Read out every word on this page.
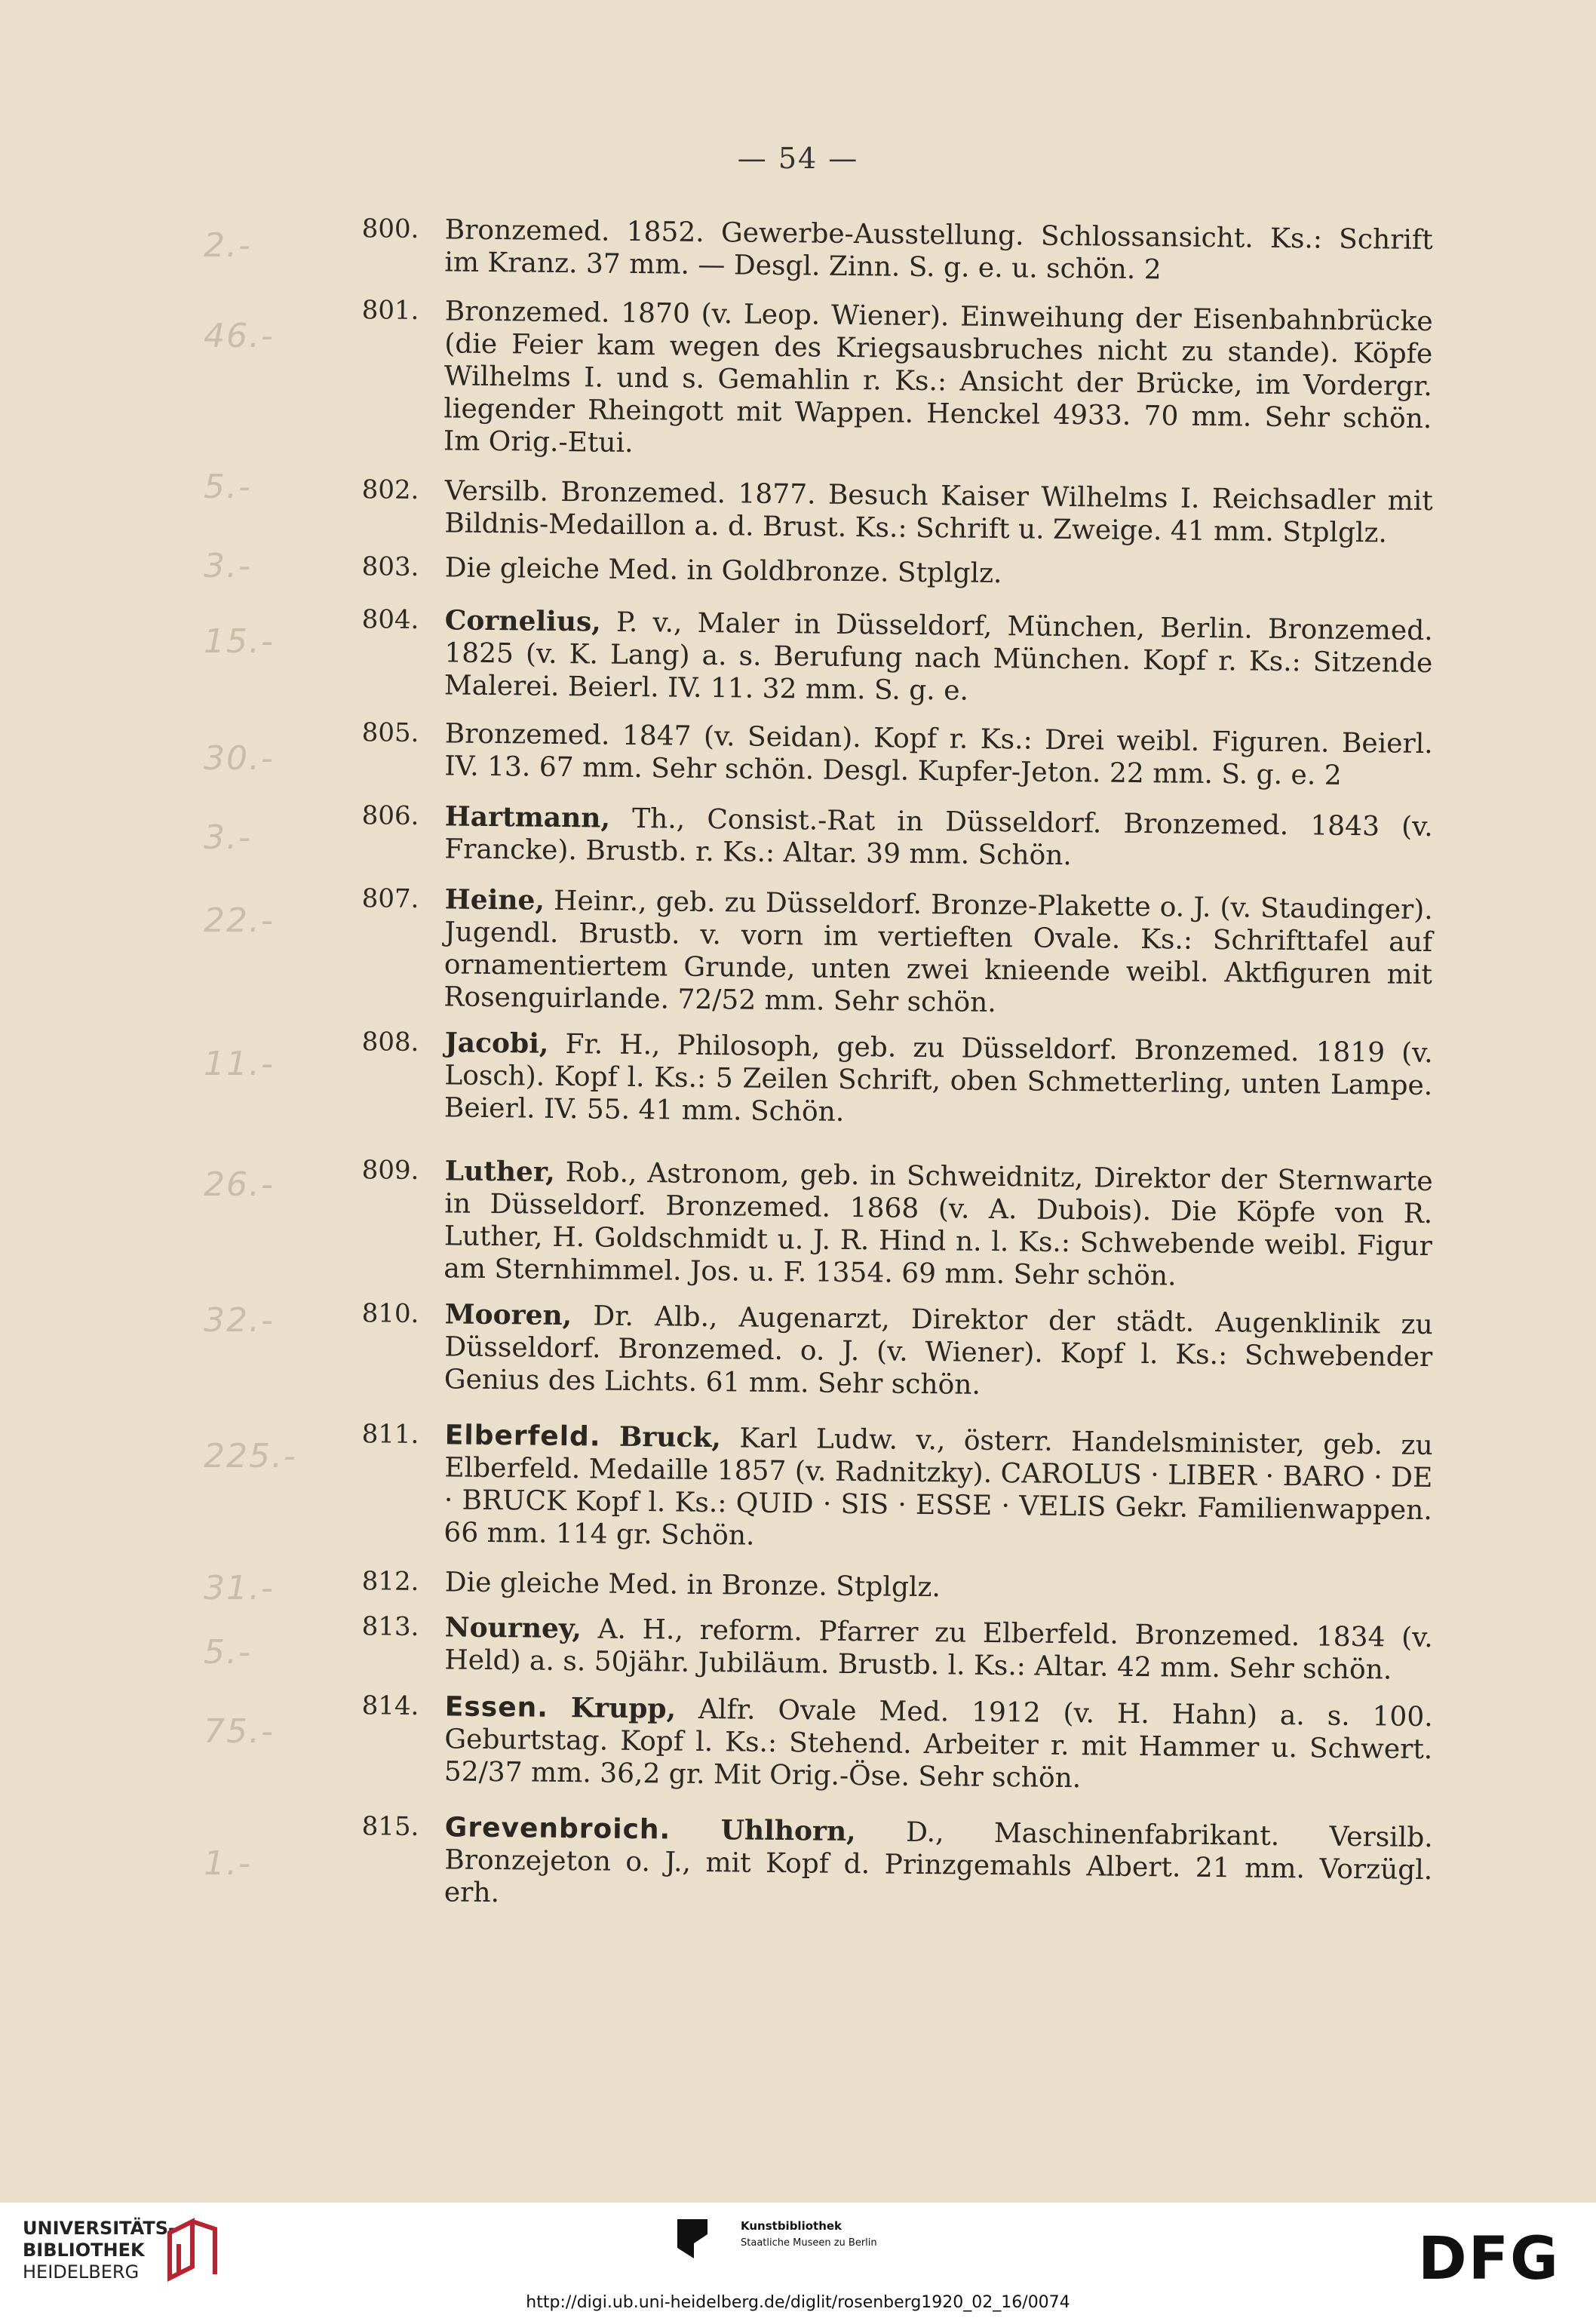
— 54 —
800. Bronzemed. 1852. Gewerbe-Ausstellung. Schlossansicht. Ks.: Schrift im Kranz. 37 mm. — Desgl. Zinn. S. g. e. u. schön. 2
801. Bronzemed. 1870 (v. Leop. Wiener). Einweihung der Eisenbahnbrücke (die Feier kam wegen des Kriegsausbruches nicht zu stande). Köpfe Wilhelms I. und s. Gemahlin r. Ks.: Ansicht der Brücke, im Vordergr. liegender Rheingott mit Wappen. Henckel 4933. 70 mm. Sehr schön. Im Orig.-Etui.
802. Versilb. Bronzemed. 1877. Besuch Kaiser Wilhelms I. Reichsadler mit Bildnis-Medaillon a. d. Brust. Ks.: Schrift u. Zweige. 41 mm. Stplglz.
803. Die gleiche Med. in Goldbronze. Stplglz.
804. Cornelius, P. v., Maler in Düsseldorf, München, Berlin. Bronzemed. 1825 (v. K. Lang) a. s. Berufung nach München. Kopf r. Ks.: Sitzende Malerei. Beierl. IV. 11. 32 mm. S. g. e.
805. Bronzemed. 1847 (v. Seidan). Kopf r. Ks.: Drei weibl. Figuren. Beierl. IV. 13. 67 mm. Sehr schön. Desgl. Kupfer-Jeton. 22 mm. S. g. e. 2
806. Hartmann, Th., Consist.-Rat in Düsseldorf. Bronzemed. 1843 (v. Francke). Brustb. r. Ks.: Altar. 39 mm. Schön.
807. Heine, Heinr., geb. zu Düsseldorf. Bronze-Plakette o. J. (v. Staudinger). Jugendl. Brustb. v. vorn im vertieften Ovale. Ks.: Schrifttafel auf ornamentiertem Grunde, unten zwei knieende weibl. Aktfiguren mit Rosenguirlande. 72/52 mm. Sehr schön.
808. Jacobi, Fr. H., Philosoph, geb. zu Düsseldorf. Bronzemed. 1819 (v. Losch). Kopf l. Ks.: 5 Zeilen Schrift, oben Schmetterling, unten Lampe. Beierl. IV. 55. 41 mm. Schön.
809. Luther, Rob., Astronom, geb. in Schweidnitz, Direktor der Sternwarte in Düsseldorf. Bronzemed. 1868 (v. A. Dubois). Die Köpfe von R. Luther, H. Goldschmidt u. J. R. Hind n. l. Ks.: Schwebende weibl. Figur am Sternhimmel. Jos. u. F. 1354. 69 mm. Sehr schön.
810. Mooren, Dr. Alb., Augenarzt, Direktor der städt. Augenklinik zu Düsseldorf. Bronzemed. o. J. (v. Wiener). Kopf l. Ks.: Schwebender Genius des Lichts. 61 mm. Sehr schön.
811. Elberfeld. Bruck, Karl Ludw. v., österr. Handelsminister, geb. zu Elberfeld. Medaille 1857 (v. Radnitzky). CAROLUS · LIBER · BARO · DE · BRUCK Kopf l. Ks.: QUID · SIS · ESSE · VELIS Gekr. Familienwappen. 66 mm. 114 gr. Schön.
812. Die gleiche Med. in Bronze. Stplglz.
813. Nourney, A. H., reform. Pfarrer zu Elberfeld. Bronzemed. 1834 (v. Held) a. s. 50jähr. Jubiläum. Brustb. l. Ks.: Altar. 42 mm. Sehr schön.
814. Essen. Krupp, Alfr. Ovale Med. 1912 (v. H. Hahn) a. s. 100. Geburtstag. Kopf l. Ks.: Stehend. Arbeiter r. mit Hammer u. Schwert. 52/37 mm. 36,2 gr. Mit Orig.-Öse. Sehr schön.
815. Grevenbroich. Uhlhorn, D., Maschinenfabrikant. Versilb. Bronzejeton o. J., mit Kopf d. Prinzgemahls Albert. 21 mm. Vorzügl. erh.
2.-
46.-
5.-
3.-
15.-
30.-
3.-
22.-
11.-
26.-
32.-
225.-
31.-
5.-
75.-
1.-
UNIVERSITÄTS-
BIBLIOTHEK
HEIDELBERG
Kunstbibliothek
Staatliche Museen zu Berlin	DFG
http://digi.ub.uni-heidelberg.de/diglit/rosenberg1920_02_16/0074
